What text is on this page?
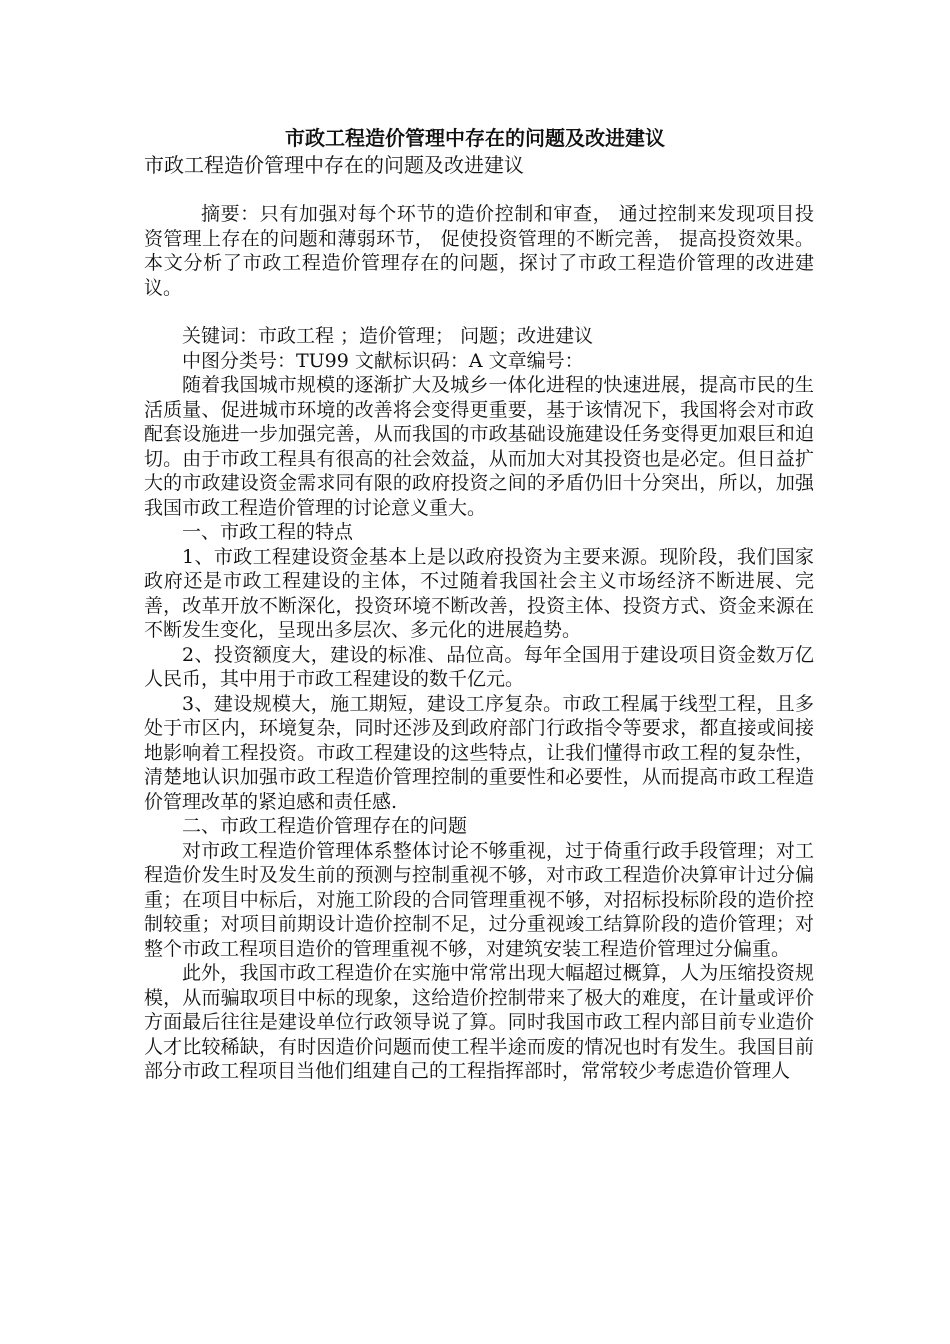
市政工程造价管理中存在的问题及改进建议
市政工程造价管理中存在的问题及改进建议

摘要：只有加强对每个环节的造价控制和审查， 通过控制来发现项目投资管理上存在的问题和薄弱环节， 促使投资管理的不断完善， 提高投资效果。本文分析了市政工程造价管理存在的问题，探讨了市政工程造价管理的改进建议。

关键词：市政工程 ；造价管理； 问题；改进建议

中图分类号：TU99 文献标识码：A 文章编号：

随着我国城市规模的逐渐扩大及城乡一体化进程的快速进展，提高市民的生活质量、促进城市环境的改善将会变得更重要，基于该情况下，我国将会对市政配套设施进一步加强完善，从而我国的市政基础设施建设任务变得更加艰巨和迫切。由于市政工程具有很高的社会效益，从而加大对其投资也是必定。但日益扩大的市政建设资金需求同有限的政府投资之间的矛盾仍旧十分突出，所以，加强我国市政工程造价管理的讨论意义重大。

一、市政工程的特点

1、市政工程建设资金基本上是以政府投资为主要来源。现阶段，我们国家政府还是市政工程建设的主体，不过随着我国社会主义市场经济不断进展、完善，改革开放不断深化，投资环境不断改善，投资主体、投资方式、资金来源在不断发生变化，呈现出多层次、多元化的进展趋势。

2、投资额度大，建设的标准、品位高。每年全国用于建设项目资金数万亿人民币，其中用于市政工程建设的数千亿元。

3、建设规模大，施工期短，建设工序复杂。市政工程属于线型工程，且多处于市区内，环境复杂，同时还涉及到政府部门行政指令等要求，都直接或间接地影响着工程投资。市政工程建设的这些特点，让我们懂得市政工程的复杂性，清楚地认识加强市政工程造价管理控制的重要性和必要性，从而提高市政工程造价管理改革的紧迫感和责任感.

二、市政工程造价管理存在的问题

对市政工程造价管理体系整体讨论不够重视，过于倚重行政手段管理；对工程造价发生时及发生前的预测与控制重视不够，对市政工程造价决算审计过分偏重；在项目中标后，对施工阶段的合同管理重视不够，对招标投标阶段的造价控制较重；对项目前期设计造价控制不足，过分重视竣工结算阶段的造价管理；对整个市政工程项目造价的管理重视不够，对建筑安装工程造价管理过分偏重。

此外，我国市政工程造价在实施中常常出现大幅超过概算，人为压缩投资规模，从而骗取项目中标的现象，这给造价控制带来了极大的难度，在计量或评价方面最后往往是建设单位行政领导说了算。同时我国市政工程内部目前专业造价人才比较稀缺，有时因造价问题而使工程半途而废的情况也时有发生。我国目前部分市政工程项目当他们组建自己的工程指挥部时，常常较少考虑造价管理人
